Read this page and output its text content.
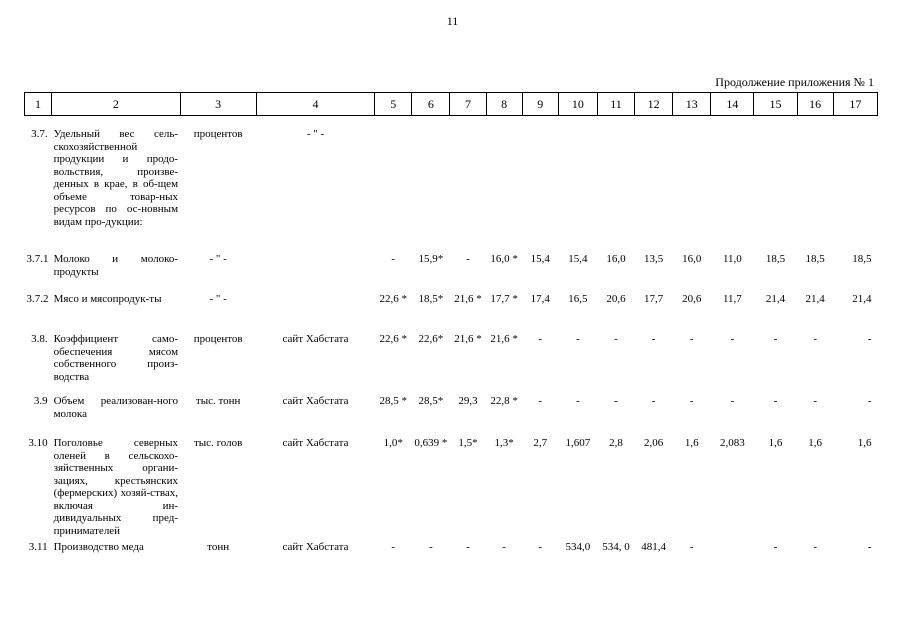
11
Продолжение приложения № 1
1	2	3	4	5	6	7	8	9	10	11	12	13	14	15	16	17

3.7.	Удельный вес сель-скохозяйственной продукции и продо-вольствия, произве-денных в крае, в об-щем объеме товар-ных ресурсов по ос-новным видам про-дукции:	процентов	- " -													
3.7.1	Молоко и молоко-продукты	- " -		-	15,9*	-	16,0 *	15,4	15,4	16,0	13,5	16,0	11,0	18,5	18,5	18,5
3.7.2	Мясо и мясопродук-ты	- " -		22,6 *	18,5*	21,6 *	17,7 *	17,4	16,5	20,6	17,7	20,6	11,7	21,4	21,4	21,4
3.8.	Коэффициент само-обеспечения мясом собственного произ-водства	процентов	сайт Хабстата	22,6 *	22,6*	21,6 *	21,6 *	-	-	-	-	-	-	-	-	-
3.9	Объем реализован-ного молока	тыс. тонн	сайт Хабстата	28,5 *	28,5*	29,3	22,8 *	-	-	-	-	-	-	-	-	-
3.10	Поголовье северных оленей в сельскохо-зяйственных органи-зациях, крестьянских (фермерских) хозяй-ствах, включая ин-дивидуальных пред-принимателей	тыс. голов	сайт Хабстата	1,0*	0,639 *	1,5*	1,3*	2,7	1,607	2,8	2,06	1,6	2,083	1,6	1,6	1,6
3.11	Производство меда	тонн	сайт Хабстата	-	-	-	-	-	534,0	534, 0	481,4	-		-	-	-
